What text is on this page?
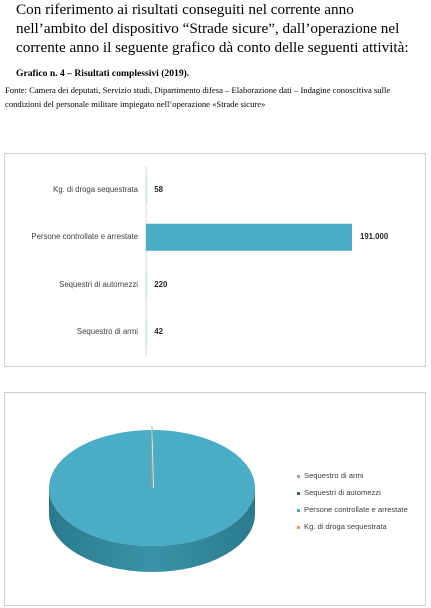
Con riferimento ai risultati conseguiti nel corrente anno
nell’ambito del dispositivo “Strade sicure”, dall’operazione nel
corrente anno il seguente grafico dà conto delle seguenti attività:

Grafico n. 4 – Risultati complessivi (2019).

Fonte: Camera dei deputati, Servizio studi, Dipartimento difesa – Elaborazione dati – Indagine conoscitiva sulle condizioni del personale militare impiegato nell’operazione «Strade sicure»

Kg. di droga sequestrata 58
Persone controllate e arrestate	191.000
Sequestri di automezzi 220
Sequestro di armi 42
Sequestro di armi
Sequestri di automezzi
Persone controllate e arrestate
Kg. di droga sequestrata
